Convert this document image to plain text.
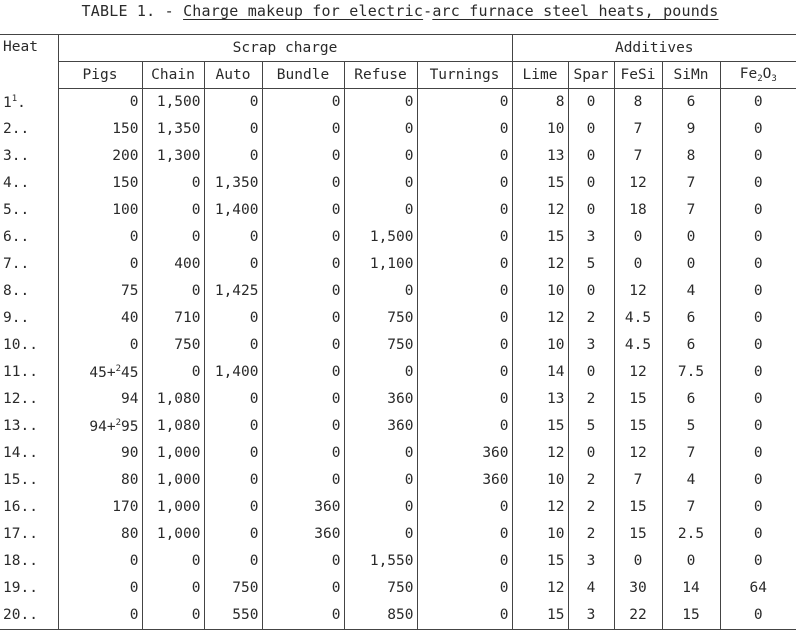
TABLE 1. - Charge makeup for electric-arc furnace steel heats, pounds
Heat	Scrap charge						Additives				
	Pigs	Chain	Auto	Bundle	Refuse	Turnings	Lime	Spar	FeSi	SiMn	$Fe_2O_3$
$1^1$.	0	1,500	0	0	0	0	8	0	8	6	0
2..	150	1,350	0	0	0	0	10	0	7	9	0
3..	200	1,300	0	0	0	0	13	0	7	8	0
4..	150	0	1,350	0	0	0	15	0	12	7	0
5..	100	0	1,400	0	0	0	12	0	18	7	0
6..	0	0	0	0	1,500	0	15	3	0	0	0
7..	0	400	0	0	1,100	0	12	5	0	0	0
8..	75	0	1,425	0	0	0	10	0	12	4	0
9..	40	710	0	0	750	0	12	2	4.5	6	0
10..	0	750	0	0	750	0	10	3	4.5	6	0
11..	45+$^2$45	0	1,400	0	0	0	14	0	12	7.5	0
12..	94	1,080	0	0	360	0	13	2	15	6	0
13..	94+$^2$95	1,080	0	0	360	0	15	5	15	5	0
14..	90	1,000	0	0	0	360	12	0	12	7	0
15..	80	1,000	0	0	0	360	10	2	7	4	0
16..	170	1,000	0	360	0	0	12	2	15	7	0
17..	80	1,000	0	360	0	0	10	2	15	2.5	0
18..	0	0	0	0	1,550	0	15	3	0	0	0
19..	0	0	750	0	750	0	12	4	30	14	64
20..	0	0	550	0	850	0	15	3	22	15	0
